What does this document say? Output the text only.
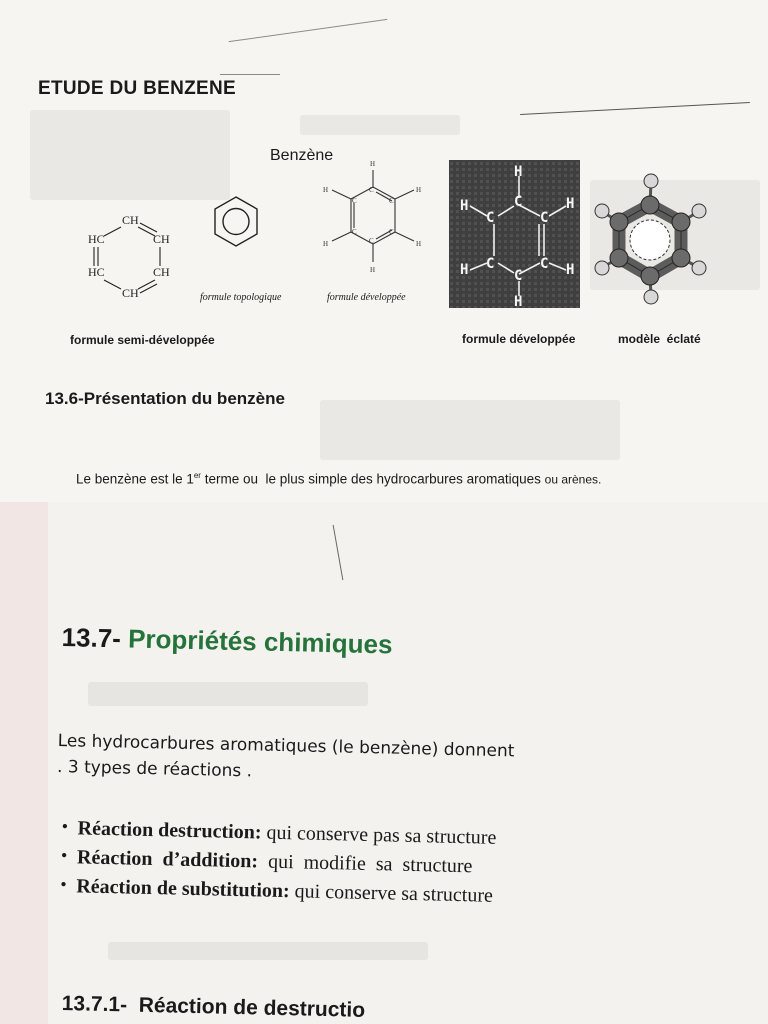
ETUDE DU BENZENE
Benzène
CH
HC	CH
HC	CH
CH
H
H
H
H
H
H	C
C
C
C
C
C
H
C
C
C
C
C
C
H
H
H
H
H
formule topologique	formule développée
formule semi-développée	formule développée	modèle  éclaté
13.6-Présentation du benzène
Le benzène est le 1er terme ou  le plus simple des hydrocarbures aromatiques ou arènes.
13.7- Propriétés chimiques
Les hydrocarbures aromatiques (le benzène) donnent
. 3 types de réactions .
• Réaction destruction: qui conserve pas sa structure
• Réaction  d’addition:  qui  modifie  sa  structure
• Réaction de substitution: qui conserve sa structure
13.7.1-  Réaction de destructio
